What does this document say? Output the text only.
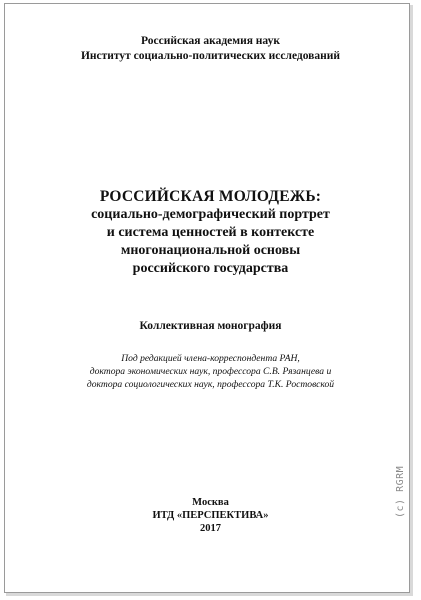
Российская академия наук
Институт социально-политических исследований
РОССИЙСКАЯ МОЛОДЕЖЬ:
социально-демографический портрет
и система ценностей в контексте
многонациональной основы
российского государства
Коллективная монография
Под редакцией члена-корреспондента РАН,
доктора экономических наук, профессора С.В. Рязанцева и
доктора социологических наук, профессора Т.К. Ростовской
Москва
ИТД «ПЕРСПЕКТИВА»
2017
(c) RGRM
